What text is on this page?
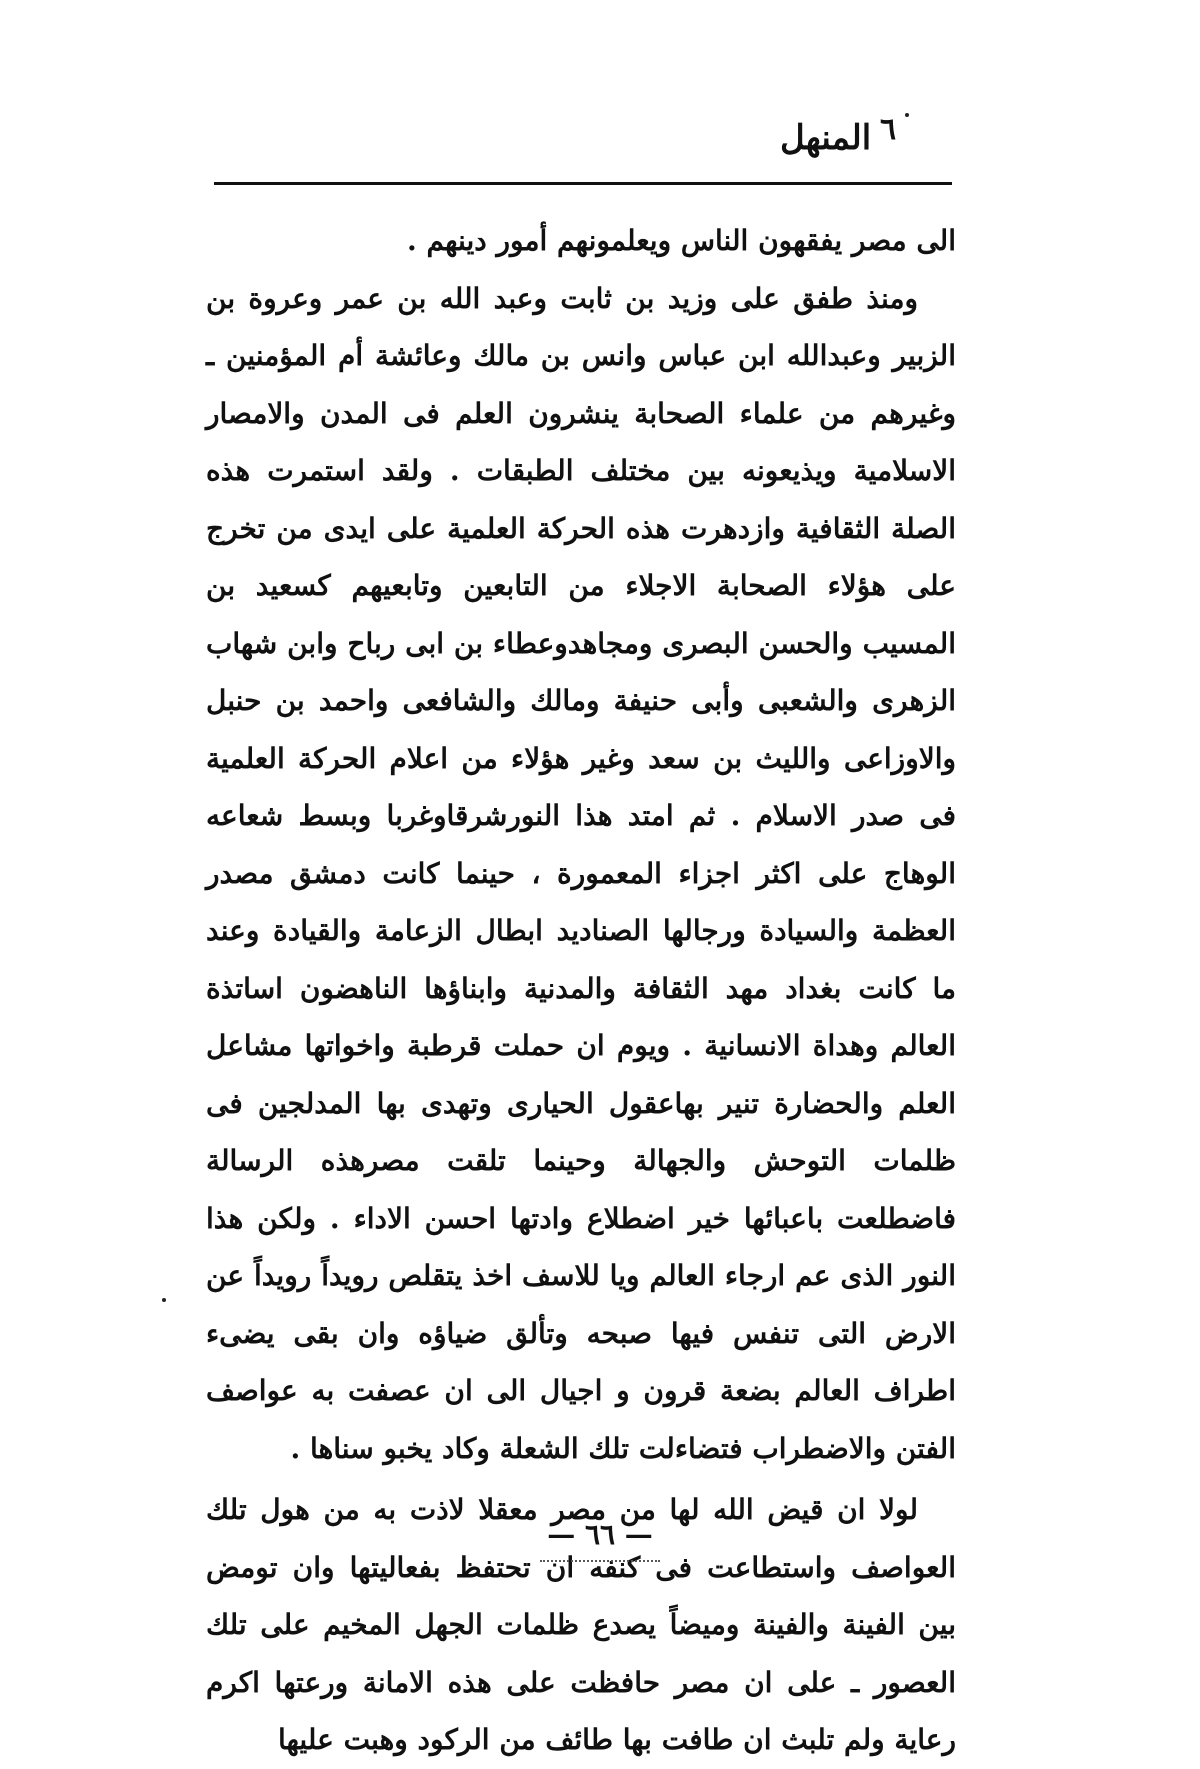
المنهل ٦

الى مصر يفقهون الناس ويعلمونهم أمور دينهم .

ومنذ طفق على وزيد بن ثابت وعبد الله بن عمر وعروة بن الزبير وعبدالله ابن عباس وانس بن مالك وعائشة أم المؤمنين ـ وغيرهم من علماء الصحابة ينشرون العلم فى المدن والامصار الاسلامية ويذيعونه بين مختلف الطبقات . ولقد استمرت هذه الصلة الثقافية وازدهرت هذه الحركة العلمية على ايدى من تخرج على هؤلاء الصحابة الاجلاء من التابعين وتابعيهم كسعيد بن المسيب والحسن البصرى ومجاهدوعطاء بن ابى رباح وابن شهاب الزهرى والشعبى وأبى حنيفة ومالك والشافعى واحمد بن حنبل والاوزاعى والليث بن سعد وغير هؤلاء من اعلام الحركة العلمية فى صدر الاسلام . ثم امتد هذا النورشرقاوغربا وبسط شعاعه الوهاج على اكثر اجزاء المعمورة ، حينما كانت دمشق مصدر العظمة والسيادة ورجالها الصناديد ابطال الزعامة والقيادة وعند ما كانت بغداد مهد الثقافة والمدنية وابناؤها الناهضون اساتذة العالم وهداة الانسانية . ويوم ان حملت قرطبة واخواتها مشاعل العلم والحضارة تنير بهاعقول الحيارى وتهدى بها المدلجين فى ظلمات التوحش والجهالة وحينما تلقت مصرهذه الرسالة فاضطلعت باعبائها خير اضطلاع وادتها احسن الاداء . ولكن هذا النور الذى عم ارجاء العالم ويا للاسف اخذ يتقلص رويداً رويداً عن الارض التى تنفس فيها صبحه وتألق ضياؤه وان بقى يضىء اطراف العالم بضعة قرون و اجيال الى ان عصفت به عواصف الفتن والاضطراب فتضاءلت تلك الشعلة وكاد يخبو سناها .

لولا ان قيض الله لها من مصر معقلا لاذت به من هول تلك العواصف واستطاعت فى كنفه ان تحتفظ بفعاليتها وان تومض بين الفينة والفينة وميضاً يصدع ظلمات الجهل المخيم على تلك العصور ـ على ان مصر حافظت على هذه الامانة ورعتها اكرم رعاية ولم تلبث ان طافت بها طائف من الركود وهبت عليها

— ٦٦ —
